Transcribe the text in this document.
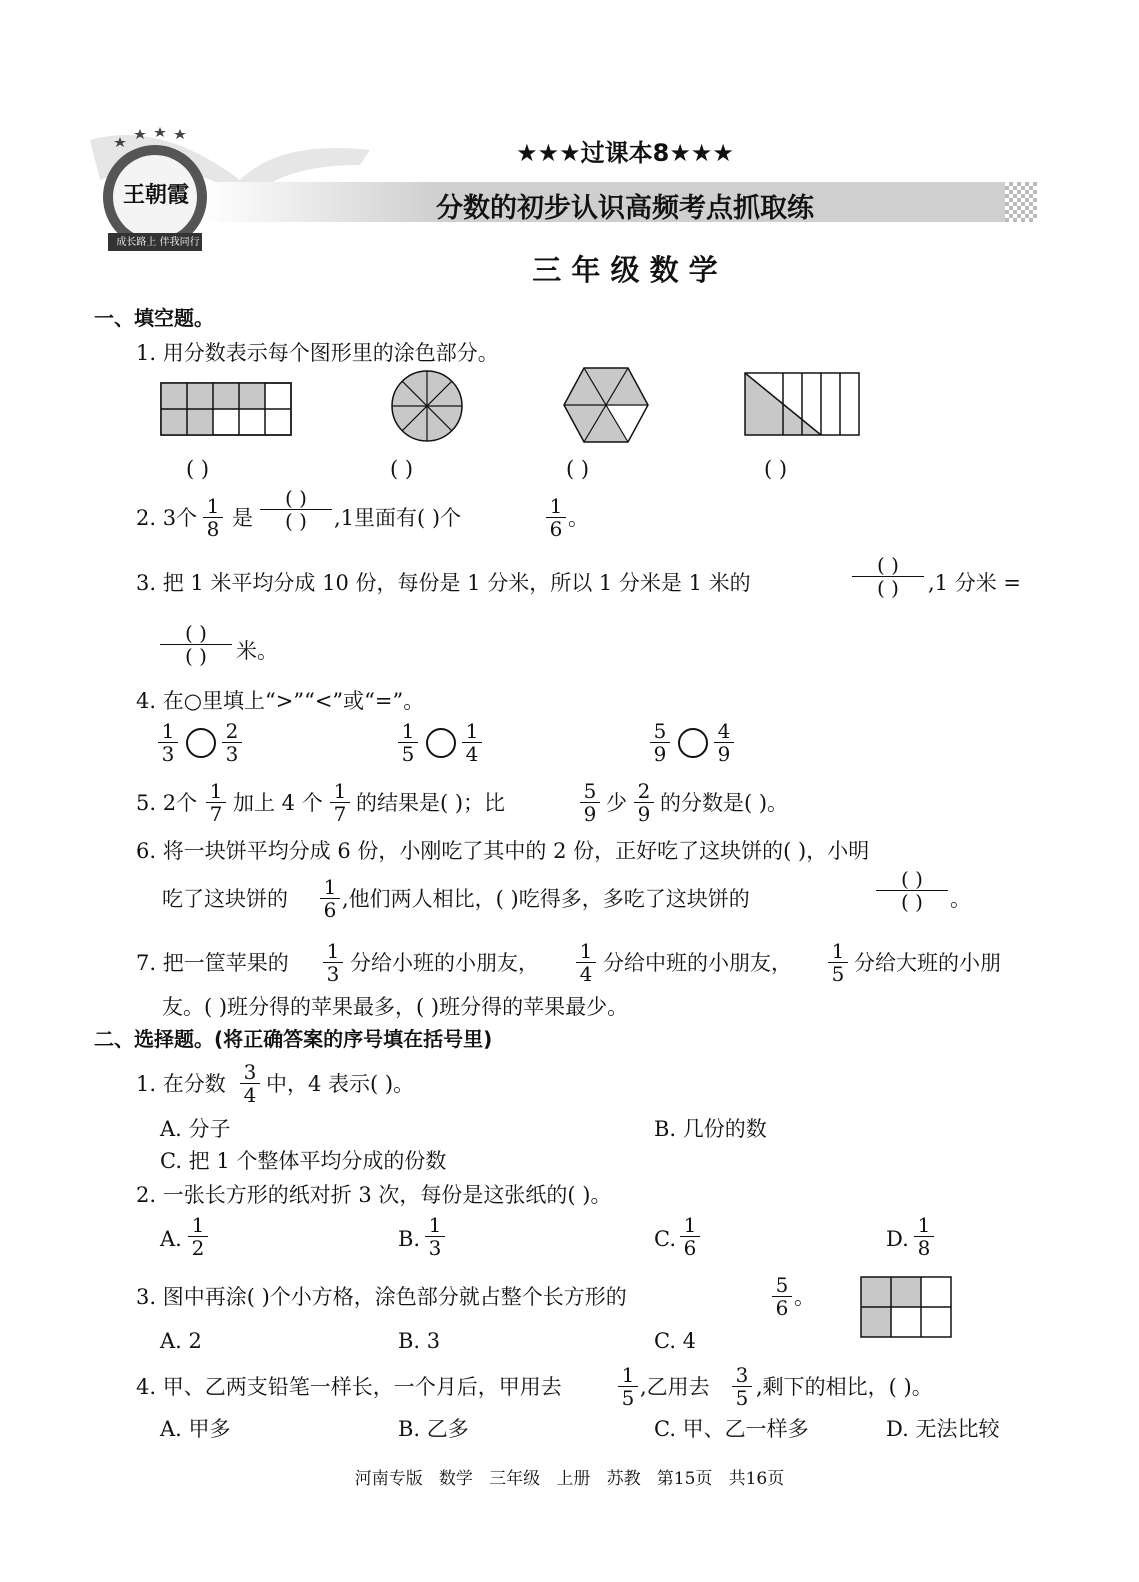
王朝霞
成长路上 伴我同行
★★★过课本8★★★
分数的初步认识高频考点抓取练
三 年 级 数 学
一、填空题。
1. 用分数表示每个图形里的涂色部分。
( )	( )	( )	( )
2. 3个 $\frac{1}{8}$ 是
( )
( )	,1里面有( )个	$\frac{1}{6}$ 。
3. 把 1 米平均分成 10 份，每份是 1 分米，所以 1 分米是 1 米的
( )
( )	,1 分米 =
( )
( )	米。
4. 在○里填上“>”“<”或“=”。
$\frac{1}{3} \frac{2}{3}$	$\frac{1}{5} \frac{1}{4}$	$\frac{5}{9} \frac{4}{9}$
5. 2个 $\frac{1}{7}$ 加上 4 个 $\frac{1}{7}$ 的结果是( )；比	$\frac{5}{9}$ 少 $\frac{2}{9}$ 的分数是( )。
6. 将一块饼平均分成 6 份，小刚吃了其中的 2 份，正好吃了这块饼的( )，小明
吃了这块饼的 $\frac{1}{6}$ ,他们两人相比，( )吃得多，多吃了这块饼的
( )
( )	。
7. 把一筐苹果的 $\frac{1}{3}$ 分给小班的小朋友， $\frac{1}{4}$ 分给中班的小朋友， $\frac{1}{5}$ 分给大班的小朋
友。( )班分得的苹果最多，( )班分得的苹果最少。
二、选择题。(将正确答案的序号填在括号里)
1. 在分数 $\frac{3}{4}$ 中，4 表示( )。
A. 分子	B. 几份的数
C. 把 1 个整体平均分成的份数
2. 一张长方形的纸对折 3 次，每份是这张纸的( )。
A. $\frac{1}{2}$	B. $\frac{1}{3}$	C. $\frac{1}{6}$	D. $\frac{1}{8}$
3. 图中再涂( )个小方格，涂色部分就占整个长方形的	$\frac{5}{6}$ 。
A. 2	B. 3	C. 4
4. 甲、乙两支铅笔一样长，一个月后，甲用去	$\frac{1}{5}$ ,乙用去 $\frac{3}{5}$ ,剩下的相比，( )。
A. 甲多	B. 乙多	C. 甲、乙一样多	D. 无法比较
河南专版   数学   三年级   上册   苏教   第15页   共16页
